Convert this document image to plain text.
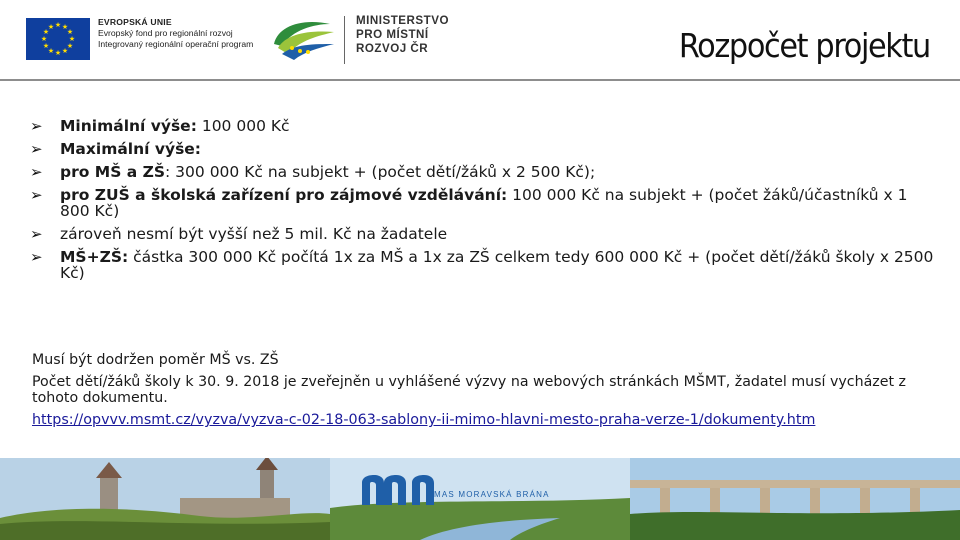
★ ★
★
★
★
★
★
★
★
★
★
★	EVROPSKÁ UNIE
Evropský fond pro regionální rozvoj
Integrovaný regionální operační program
MINISTERSTVO
PRO MÍSTNÍ
ROZVOJ ČR	Rozpočet projektu
➢ Minimální výše: 100 000 Kč
➢ Maximální výše:
➢ pro MŠ a ZŠ: 300 000 Kč na subjekt + (počet dětí/žáků x 2 500 Kč);
➢ pro ZUŠ a školská zařízení pro zájmové vzdělávání: 100 000 Kč na subjekt + (počet žáků/účastníků x 1 800 Kč)
➢ zároveň nesmí být vyšší než 5 mil. Kč na žadatele
➢ MŠ+ZŠ: částka 300 000 Kč počítá 1x za MŠ a 1x za ZŠ celkem tedy 600 000 Kč + (počet dětí/žáků školy x 2500 Kč)

Musí být dodržen poměr MŠ vs. ZŠ

Počet dětí/žáků školy k 30. 9. 2018 je zveřejněn u vyhlášené výzvy na webových stránkách MŠMT, žadatel musí vycházet z tohoto dokumentu.

https://opvvv.msmt.cz/vyzva/vyzva-c-02-18-063-sablony-ii-mimo-hlavni-mesto-praha-verze-1/dokumenty.htm
MAS MORAVSKÁ BRÁNA
